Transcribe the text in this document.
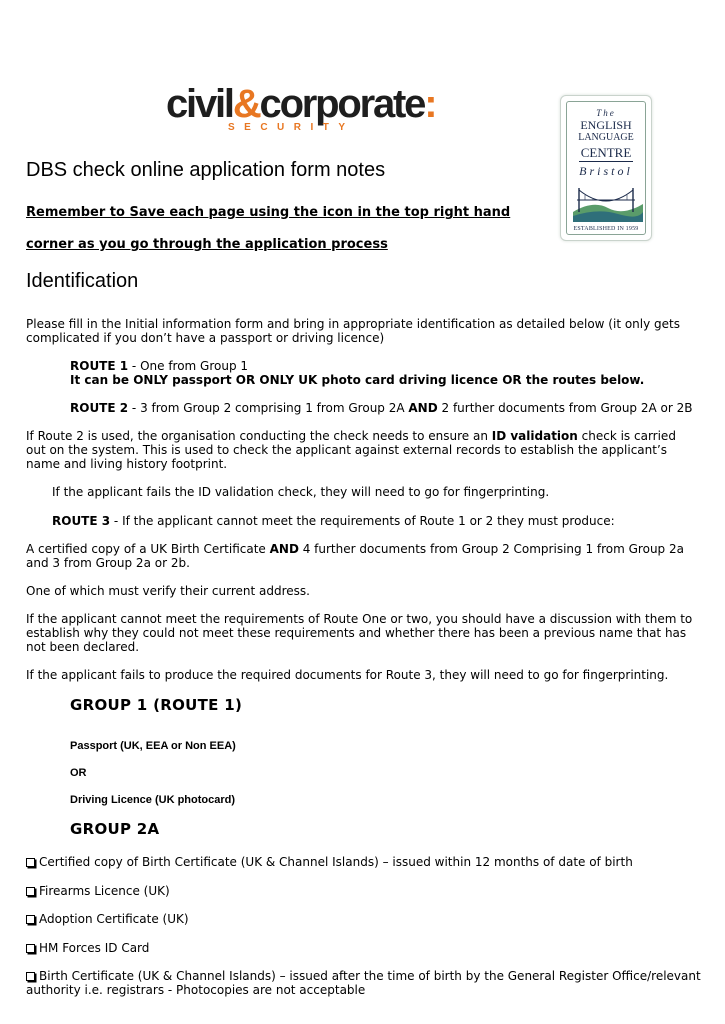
civil&corporate:
SECURITY
The
ENGLISH
LANGUAGE
CENTRE
Bristol
ESTABLISHED IN 1959
DBS check online application form notes
Remember to Save each page using the icon in the top right hand
corner as you go through the application process
Identification
Please fill in the Initial information form and bring in appropriate identification as detailed below (it only gets complicated if you don’t have a passport or driving licence)
ROUTE 1 - One from Group 1
It can be ONLY passport OR ONLY UK photo card driving licence OR the routes below.
ROUTE 2 - 3 from Group 2 comprising 1 from Group 2A AND 2 further documents from Group 2A or 2B
If Route 2 is used, the organisation conducting the check needs to ensure an ID validation check is carried out on the system. This is used to check the applicant against external records to establish the applicant’s name and living history footprint.
If the applicant fails the ID validation check, they will need to go for fingerprinting.
ROUTE 3 - If the applicant cannot meet the requirements of Route 1 or 2 they must produce:
A certified copy of a UK Birth Certificate AND 4 further documents from Group 2 Comprising 1 from Group 2a and 3 from Group 2a or 2b.
One of which must verify their current address.
If the applicant cannot meet the requirements of Route One or two, you should have a discussion with them to establish why they could not meet these requirements and whether there has been a previous name that has not been declared.
If the applicant fails to produce the required documents for Route 3, they will need to go for fingerprinting.
GROUP 1 (ROUTE 1)
Passport (UK, EEA or Non EEA)
OR
Driving Licence (UK photocard)
GROUP 2A
Certified copy of Birth Certificate (UK & Channel Islands) – issued within 12 months of date of birth
Firearms Licence (UK)
Adoption Certificate (UK)
HM Forces ID Card
Birth Certificate (UK & Channel Islands) – issued after the time of birth by the General Register Office/relevant authority i.e. registrars - Photocopies are not acceptable
